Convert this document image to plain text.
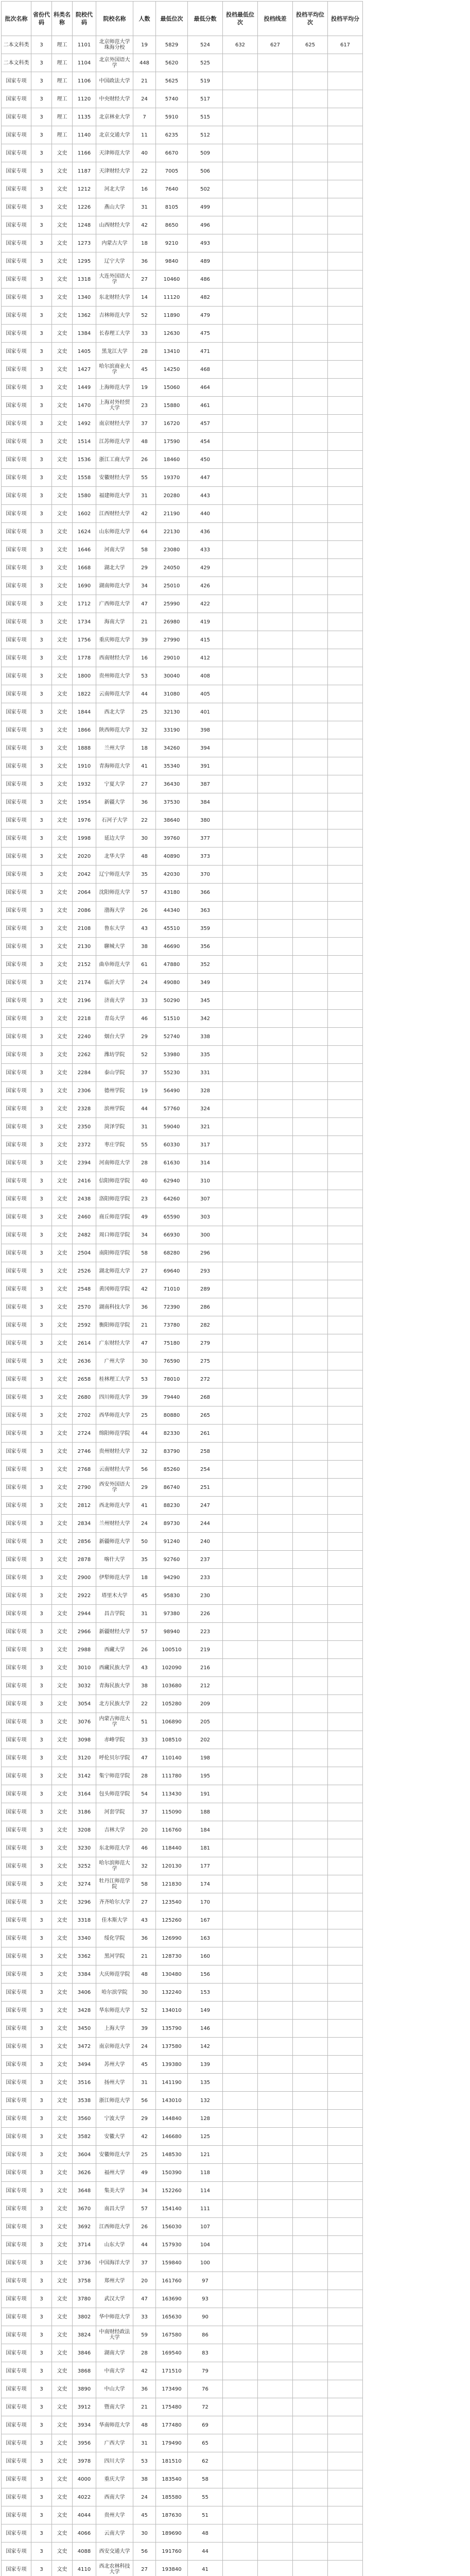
批次名称	省份代码	科类名称	院校代码	院校名称	人数	最低位次	最低分数	投档最低位次	投档线差	投档平均位次	投档平均分
二本文科类	3	理工	1101	北京师范大学珠海分校	19	5829	524	632	627	625	617
二本文科类	3	理工	1104	北京外国语大学	448	5620	525				
国家专项	3	理工	1106	中国政法大学	21	5625	519				
国家专项	3	理工	1120	中央财经大学	24	5740	517				
国家专项	3	理工	1135	北京林业大学	7	5910	515				
国家专项	3	理工	1140	北京交通大学	11	6235	512				
国家专项	3	文史	1166	天津师范大学	40	6670	509				
国家专项	3	文史	1187	天津财经大学	22	7005	506				
国家专项	3	文史	1212	河北大学	16	7640	502				
国家专项	3	文史	1226	燕山大学	31	8105	499				
国家专项	3	文史	1248	山西财经大学	42	8650	496				
国家专项	3	文史	1273	内蒙古大学	18	9210	493				
国家专项	3	文史	1295	辽宁大学	36	9840	489				
国家专项	3	文史	1318	大连外国语大学	27	10460	486				
国家专项	3	文史	1340	东北财经大学	14	11120	482				
国家专项	3	文史	1362	吉林师范大学	52	11890	479				
国家专项	3	文史	1384	长春理工大学	33	12630	475				
国家专项	3	文史	1405	黑龙江大学	28	13410	471				
国家专项	3	文史	1427	哈尔滨商业大学	45	14250	468				
国家专项	3	文史	1449	上海师范大学	19	15060	464				
国家专项	3	文史	1470	上海对外经贸大学	23	15880	461				
国家专项	3	文史	1492	南京财经大学	37	16720	457				
国家专项	3	文史	1514	江苏师范大学	48	17590	454				
国家专项	3	文史	1536	浙江工商大学	26	18460	450				
国家专项	3	文史	1558	安徽财经大学	55	19370	447				
国家专项	3	文史	1580	福建师范大学	31	20280	443				
国家专项	3	文史	1602	江西财经大学	42	21190	440				
国家专项	3	文史	1624	山东师范大学	64	22130	436				
国家专项	3	文史	1646	河南大学	58	23080	433				
国家专项	3	文史	1668	湖北大学	29	24050	429				
国家专项	3	文史	1690	湖南师范大学	34	25010	426				
国家专项	3	文史	1712	广西师范大学	47	25990	422				
国家专项	3	文史	1734	海南大学	21	26980	419				
国家专项	3	文史	1756	重庆师范大学	39	27990	415				
国家专项	3	文史	1778	西南财经大学	16	29010	412				
国家专项	3	文史	1800	贵州师范大学	53	30040	408				
国家专项	3	文史	1822	云南师范大学	44	31080	405				
国家专项	3	文史	1844	西北大学	25	32130	401				
国家专项	3	文史	1866	陕西师范大学	32	33190	398				
国家专项	3	文史	1888	兰州大学	18	34260	394				
国家专项	3	文史	1910	青海师范大学	41	35340	391				
国家专项	3	文史	1932	宁夏大学	27	36430	387				
国家专项	3	文史	1954	新疆大学	36	37530	384				
国家专项	3	文史	1976	石河子大学	22	38640	380				
国家专项	3	文史	1998	延边大学	30	39760	377				
国家专项	3	文史	2020	北华大学	48	40890	373				
国家专项	3	文史	2042	辽宁师范大学	35	42030	370				
国家专项	3	文史	2064	沈阳师范大学	57	43180	366				
国家专项	3	文史	2086	渤海大学	26	44340	363				
国家专项	3	文史	2108	鲁东大学	43	45510	359				
国家专项	3	文史	2130	聊城大学	38	46690	356				
国家专项	3	文史	2152	曲阜师范大学	61	47880	352				
国家专项	3	文史	2174	临沂大学	24	49080	349				
国家专项	3	文史	2196	济南大学	33	50290	345				
国家专项	3	文史	2218	青岛大学	46	51510	342				
国家专项	3	文史	2240	烟台大学	29	52740	338				
国家专项	3	文史	2262	潍坊学院	52	53980	335				
国家专项	3	文史	2284	泰山学院	37	55230	331				
国家专项	3	文史	2306	德州学院	19	56490	328				
国家专项	3	文史	2328	滨州学院	44	57760	324				
国家专项	3	文史	2350	菏泽学院	31	59040	321				
国家专项	3	文史	2372	枣庄学院	55	60330	317				
国家专项	3	文史	2394	河南师范大学	28	61630	314				
国家专项	3	文史	2416	信阳师范学院	40	62940	310				
国家专项	3	文史	2438	洛阳师范学院	23	64260	307				
国家专项	3	文史	2460	商丘师范学院	49	65590	303				
国家专项	3	文史	2482	周口师范学院	34	66930	300				
国家专项	3	文史	2504	南阳师范学院	58	68280	296				
国家专项	3	文史	2526	湖北师范大学	27	69640	293				
国家专项	3	文史	2548	黄冈师范学院	42	71010	289				
国家专项	3	文史	2570	湖南科技大学	36	72390	286				
国家专项	3	文史	2592	衡阳师范学院	21	73780	282				
国家专项	3	文史	2614	广东财经大学	47	75180	279				
国家专项	3	文史	2636	广州大学	30	76590	275				
国家专项	3	文史	2658	桂林理工大学	53	78010	272				
国家专项	3	文史	2680	四川师范大学	39	79440	268				
国家专项	3	文史	2702	西华师范大学	25	80880	265				
国家专项	3	文史	2724	绵阳师范学院	44	82330	261				
国家专项	3	文史	2746	贵州财经大学	32	83790	258				
国家专项	3	文史	2768	云南财经大学	56	85260	254				
国家专项	3	文史	2790	西安外国语大学	29	86740	251				
国家专项	3	文史	2812	西北师范大学	41	88230	247				
国家专项	3	文史	2834	兰州财经大学	24	89730	244				
国家专项	3	文史	2856	新疆师范大学	50	91240	240				
国家专项	3	文史	2878	喀什大学	35	92760	237				
国家专项	3	文史	2900	伊犁师范大学	18	94290	233				
国家专项	3	文史	2922	塔里木大学	45	95830	230				
国家专项	3	文史	2944	昌吉学院	31	97380	226				
国家专项	3	文史	2966	新疆财经大学	57	98940	223				
国家专项	3	文史	2988	西藏大学	26	100510	219				
国家专项	3	文史	3010	西藏民族大学	43	102090	216				
国家专项	3	文史	3032	青海民族大学	38	103680	212				
国家专项	3	文史	3054	北方民族大学	22	105280	209				
国家专项	3	文史	3076	内蒙古师范大学	51	106890	205				
国家专项	3	文史	3098	赤峰学院	33	108510	202				
国家专项	3	文史	3120	呼伦贝尔学院	47	110140	198				
国家专项	3	文史	3142	集宁师范学院	28	111780	195				
国家专项	3	文史	3164	包头师范学院	54	113430	191				
国家专项	3	文史	3186	河套学院	37	115090	188				
国家专项	3	文史	3208	吉林大学	20	116760	184				
国家专项	3	文史	3230	东北师范大学	46	118440	181				
国家专项	3	文史	3252	哈尔滨师范大学	32	120130	177				
国家专项	3	文史	3274	牡丹江师范学院	58	121830	174				
国家专项	3	文史	3296	齐齐哈尔大学	27	123540	170				
国家专项	3	文史	3318	佳木斯大学	43	125260	167				
国家专项	3	文史	3340	绥化学院	36	126990	163				
国家专项	3	文史	3362	黑河学院	21	128730	160				
国家专项	3	文史	3384	大庆师范学院	48	130480	156				
国家专项	3	文史	3406	哈尔滨学院	30	132240	153				
国家专项	3	文史	3428	华东师范大学	52	134010	149				
国家专项	3	文史	3450	上海大学	39	135790	146				
国家专项	3	文史	3472	南京师范大学	24	137580	142				
国家专项	3	文史	3494	苏州大学	45	139380	139				
国家专项	3	文史	3516	扬州大学	31	141190	135				
国家专项	3	文史	3538	浙江师范大学	56	143010	132				
国家专项	3	文史	3560	宁波大学	29	144840	128				
国家专项	3	文史	3582	安徽大学	42	146680	125				
国家专项	3	文史	3604	安徽师范大学	25	148530	121				
国家专项	3	文史	3626	福州大学	49	150390	118				
国家专项	3	文史	3648	集美大学	34	152260	114				
国家专项	3	文史	3670	南昌大学	57	154140	111				
国家专项	3	文史	3692	江西师范大学	26	156030	107				
国家专项	3	文史	3714	山东大学	44	157930	104				
国家专项	3	文史	3736	中国海洋大学	37	159840	100				
国家专项	3	文史	3758	郑州大学	20	161760	97				
国家专项	3	文史	3780	武汉大学	47	163690	93				
国家专项	3	文史	3802	华中师范大学	33	165630	90				
国家专项	3	文史	3824	中南财经政法大学	59	167580	86				
国家专项	3	文史	3846	湖南大学	28	169540	83				
国家专项	3	文史	3868	中南大学	42	171510	79				
国家专项	3	文史	3890	中山大学	36	173490	76				
国家专项	3	文史	3912	暨南大学	21	175480	72				
国家专项	3	文史	3934	华南师范大学	48	177480	69				
国家专项	3	文史	3956	广西大学	31	179490	65				
国家专项	3	文史	3978	四川大学	53	181510	62				
国家专项	3	文史	4000	重庆大学	38	183540	58				
国家专项	3	文史	4022	西南大学	24	185580	55				
国家专项	3	文史	4044	贵州大学	45	187630	51				
国家专项	3	文史	4066	云南大学	30	189690	48				
国家专项	3	文史	4088	西安交通大学	56	191760	44				
国家专项	3	文史	4110	西北农林科技大学	27	193840	41				
